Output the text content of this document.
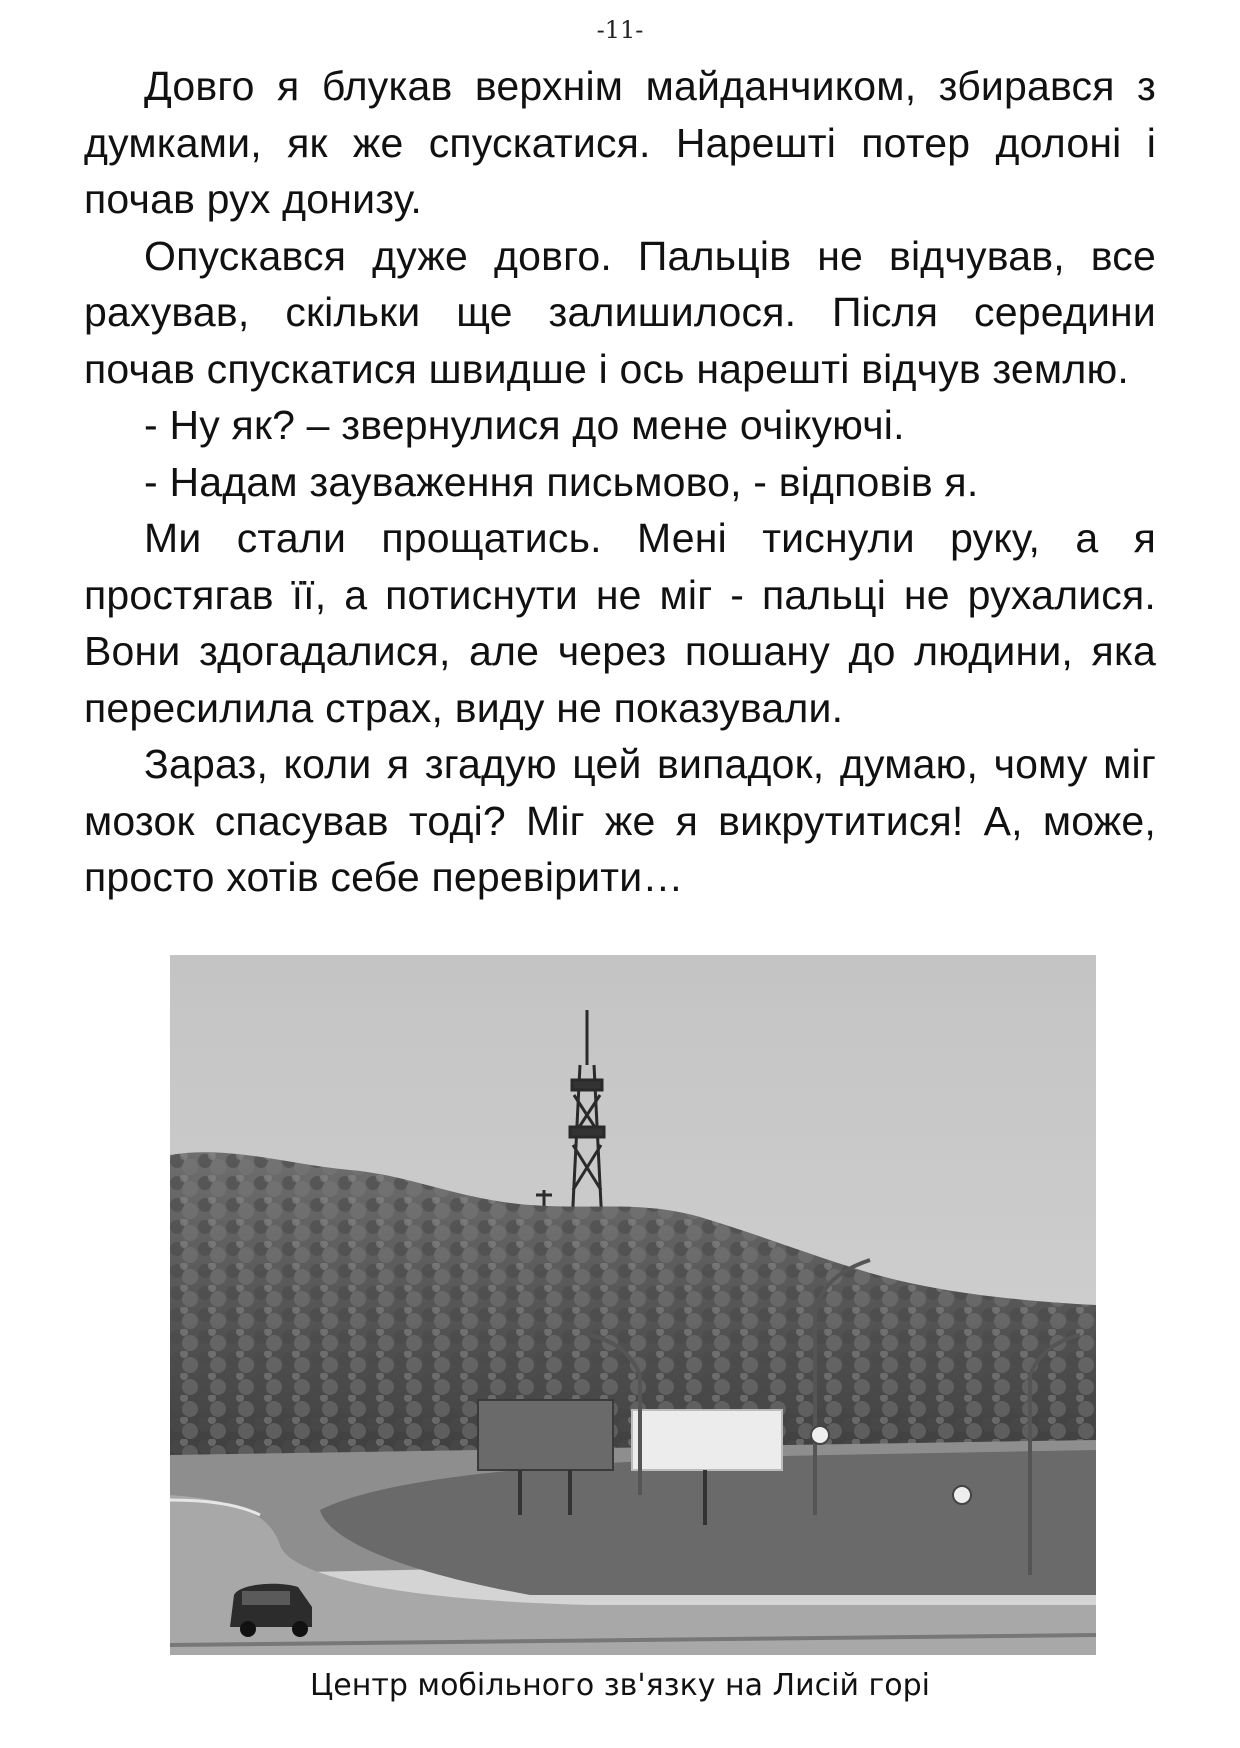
-11-

Довго я блукав верхнім майданчиком, збирався з думками, як же спускатися. Нарешті потер долоні і почав рух донизу.

Опускався дуже довго. Пальців не відчував, все рахував, скільки ще залишилося. Після середини почав спускатися швидше і ось нарешті відчув землю.

- Ну як? – звернулися до мене очікуючі.

- Надам зауваження письмово, - відповів я.

Ми стали прощатись. Мені тиснули руку, а я простягав її, а потиснути не міг - пальці не рухалися. Вони здогадалися, але через пошану до людини, яка пересилила страх, виду не показували.

Зараз, коли я згадую цей випадок, думаю, чому міг мозок спасував тоді? Міг же я викрутитися! А, може, просто хотів себе перевірити…

Центр мобільного зв'язку на Лисій горі
